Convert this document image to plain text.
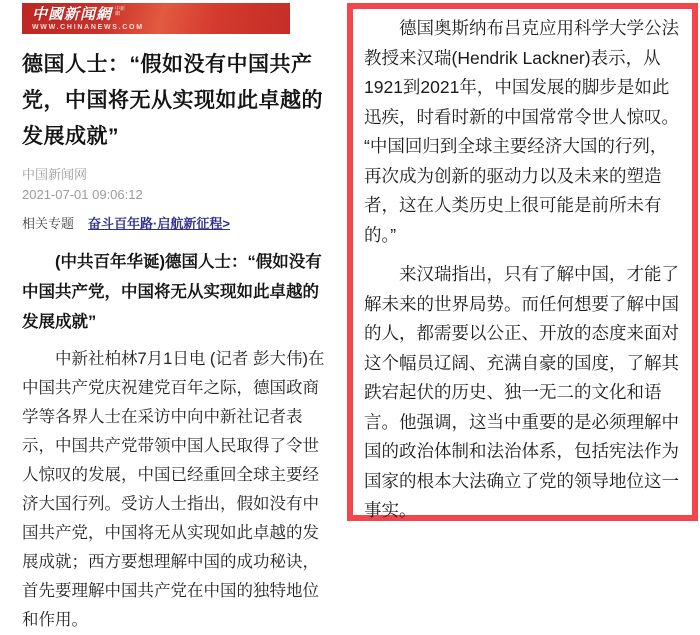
中國新闻網 中新網
WWW.CHINANEWS.COM
德国人士：“假如没有中国共产党，中国将无从实现如此卓越的发展成就”
中国新闻网
2021-07-01 09:06:12
相关专题 奋斗百年路·启航新征程>
(中共百年华诞)德国人士：“假如没有中国共产党，中国将无从实现如此卓越的发展成就”
中新社柏林7月1日电 (记者 彭大伟)在中国共产党庆祝建党百年之际，德国政商学等各界人士在采访中向中新社记者表示，中国共产党带领中国人民取得了令世人惊叹的发展，中国已经重回全球主要经济大国行列。受访人士指出，假如没有中国共产党，中国将无从实现如此卓越的发展成就；西方要想理解中国的成功秘诀，首先要理解中国共产党在中国的独特地位和作用。

德国奥斯纳布吕克应用科学大学公法教授来汉瑞(Hendrik Lackner)表示，从1921到2021年，中国发展的脚步是如此迅疾，时看时新的中国常常令世人惊叹。

“中国回归到全球主要经济大国的行列，再次成为创新的驱动力以及未来的塑造者，这在人类历史上很可能是前所未有的。”

来汉瑞指出，只有了解中国，才能了解未来的世界局势。而任何想要了解中国的人，都需要以公正、开放的态度来面对这个幅员辽阔、充满自豪的国度，了解其跌宕起伏的历史、独一无二的文化和语言。他强调，这当中重要的是必须理解中国的政治体制和法治体系，包括宪法作为国家的根本大法确立了党的领导地位这一事实。
